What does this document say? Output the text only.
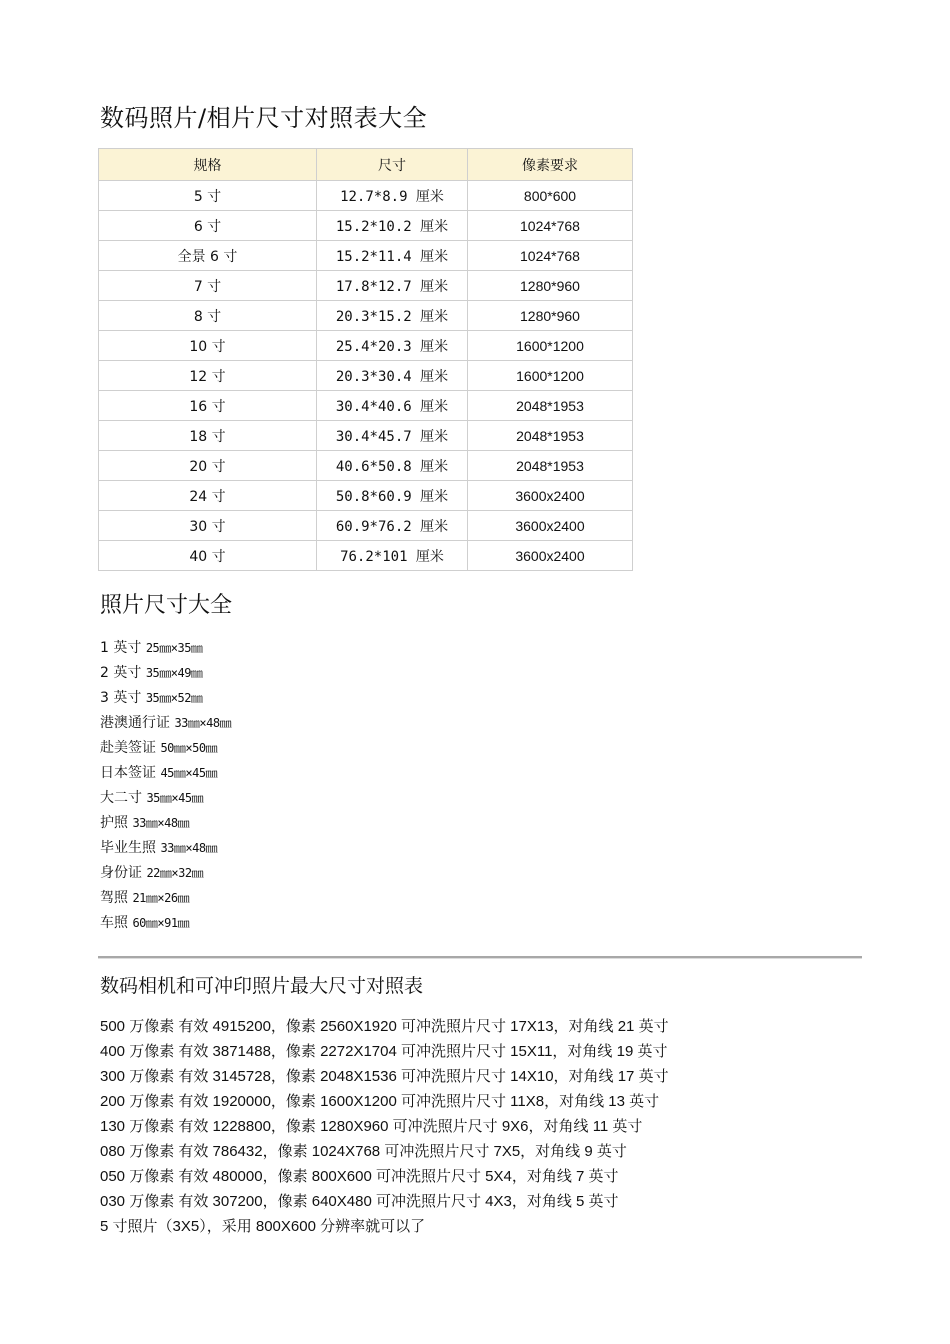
数码照片/相片尺寸对照表大全
规格	尺寸	像素要求
5 寸	12.7*8.9 厘米	800*600
6 寸	15.2*10.2 厘米	1024*768
全景 6 寸	15.2*11.4 厘米	1024*768
7 寸	17.8*12.7 厘米	1280*960
8 寸	20.3*15.2 厘米	1280*960
10 寸	25.4*20.3 厘米	1600*1200
12 寸	20.3*30.4 厘米	1600*1200
16 寸	30.4*40.6 厘米	2048*1953
18 寸	30.4*45.7 厘米	2048*1953
20 寸	40.6*50.8 厘米	2048*1953
24 寸	50.8*60.9 厘米	3600x2400
30 寸	60.9*76.2 厘米	3600x2400
40 寸	76.2*101 厘米	3600x2400
照片尺寸大全
1 英寸 25㎜×35㎜
2 英寸 35㎜×49㎜
3 英寸 35㎜×52㎜
港澳通行证 33㎜×48㎜
赴美签证 50㎜×50㎜
日本签证 45㎜×45㎜
大二寸 35㎜×45㎜
护照 33㎜×48㎜
毕业生照 33㎜×48㎜
身份证 22㎜×32㎜
驾照 21㎜×26㎜
车照 60㎜×91㎜
数码相机和可冲印照片最大尺寸对照表
500 万像素 有效 4915200，像素 2560X1920 可冲洗照片尺寸 17X13，对角线 21 英寸
400 万像素 有效 3871488，像素 2272X1704 可冲洗照片尺寸 15X11，对角线 19 英寸
300 万像素 有效 3145728，像素 2048X1536 可冲洗照片尺寸 14X10，对角线 17 英寸
200 万像素 有效 1920000，像素 1600X1200 可冲洗照片尺寸 11X8，对角线 13 英寸
130 万像素 有效 1228800，像素 1280X960 可冲洗照片尺寸 9X6，对角线 11 英寸
080 万像素 有效 786432，像素 1024X768 可冲洗照片尺寸 7X5，对角线 9 英寸
050 万像素 有效 480000，像素 800X600 可冲洗照片尺寸 5X4，对角线 7 英寸
030 万像素 有效 307200，像素 640X480 可冲洗照片尺寸 4X3，对角线 5 英寸
5 寸照片（3X5），采用 800X600 分辨率就可以了
